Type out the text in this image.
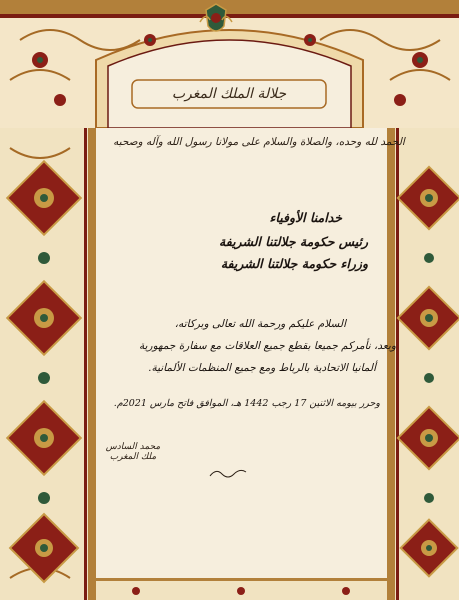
جلالة الملك المغرب
الحمد لله وحده، والصلاة والسلام على مولانا رسول الله وآله وصحبه
خدامنا الأوفياء
رئيس حكومة جلالتنا الشريفة
وزراء حكومة جلالتنا الشريفة
السلام عليكم ورحمة الله تعالى وبركاته،
وبعد، نأمركم جميعا بقطع جميع العلاقات مع سفارة جمهورية
ألمانيا الاتحادية بالرباط ومع جميع المنظمات الألمانية.
وحرر بيومه الاثنين 17 رجب 1442 هـ، الموافق فاتح مارس 2021م.
محمد السادس
ملك المغرب
